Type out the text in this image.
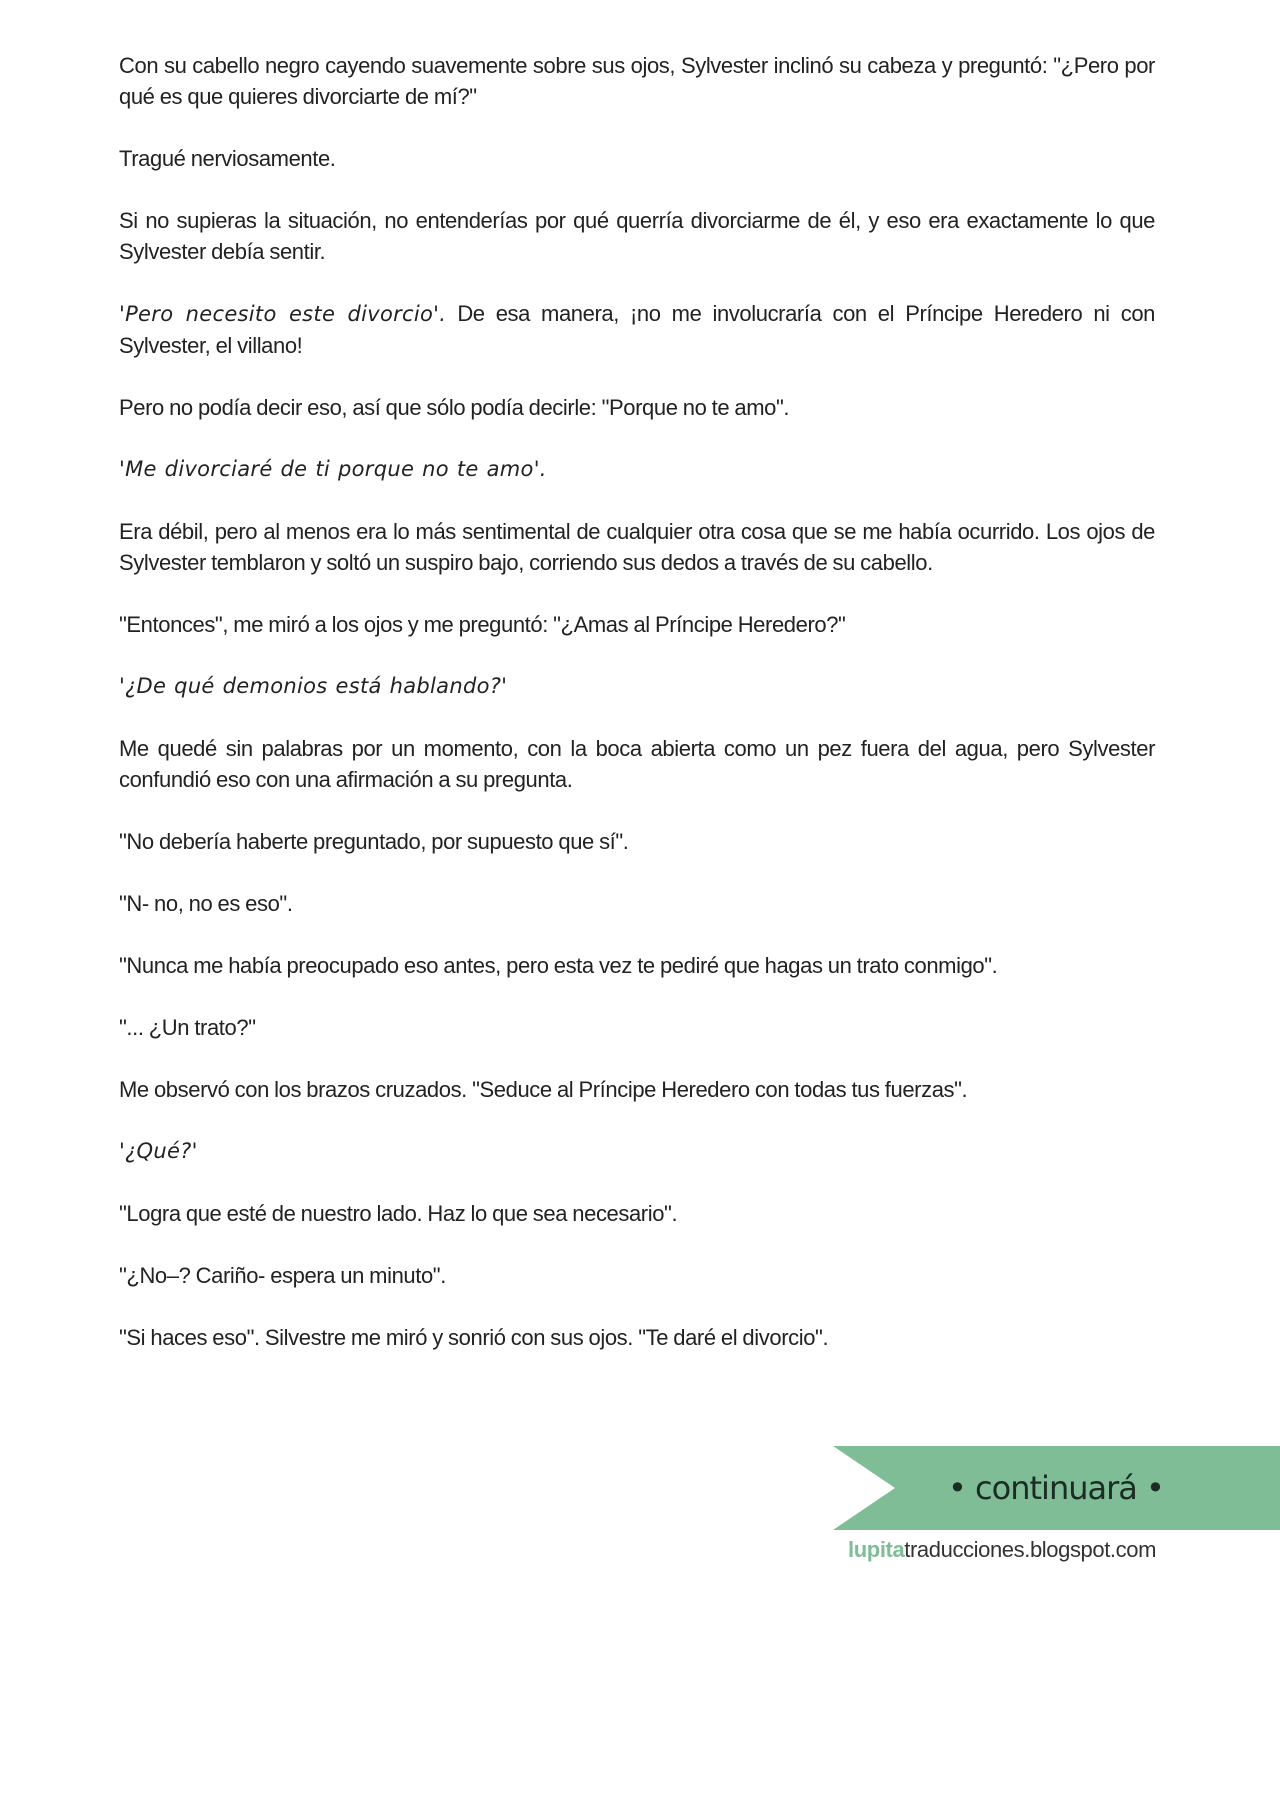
Con su cabello negro cayendo suavemente sobre sus ojos, Sylvester inclinó su cabeza y preguntó: "¿Pero por qué es que quieres divorciarte de mí?"

Tragué nerviosamente.

Si no supieras la situación, no entenderías por qué querría divorciarme de él, y eso era exactamente lo que Sylvester debía sentir.

'Pero necesito este divorcio'. De esa manera, ¡no me involucraría con el Príncipe Heredero ni con Sylvester, el villano!

Pero no podía decir eso, así que sólo podía decirle: "Porque no te amo".

'Me divorciaré de ti porque no te amo'.

Era débil, pero al menos era lo más sentimental de cualquier otra cosa que se me había ocurrido. Los ojos de Sylvester temblaron y soltó un suspiro bajo, corriendo sus dedos a través de su cabello.

"Entonces", me miró a los ojos y me preguntó: "¿Amas al Príncipe Heredero?"

'¿De qué demonios está hablando?'

Me quedé sin palabras por un momento, con la boca abierta como un pez fuera del agua, pero Sylvester confundió eso con una afirmación a su pregunta.

"No debería haberte preguntado, por supuesto que sí".

"N- no, no es eso".

"Nunca me había preocupado eso antes, pero esta vez te pediré que hagas un trato conmigo".

"... ¿Un trato?"

Me observó con los brazos cruzados. "Seduce al Príncipe Heredero con todas tus fuerzas".

'¿Qué?'

"Logra que esté de nuestro lado. Haz lo que sea necesario".

"¿No–? Cariño- espera un minuto".

"Si haces eso". Silvestre me miró y sonrió con sus ojos. "Te daré el divorcio".

• continuará •
lupitatraducciones.blogspot.com
